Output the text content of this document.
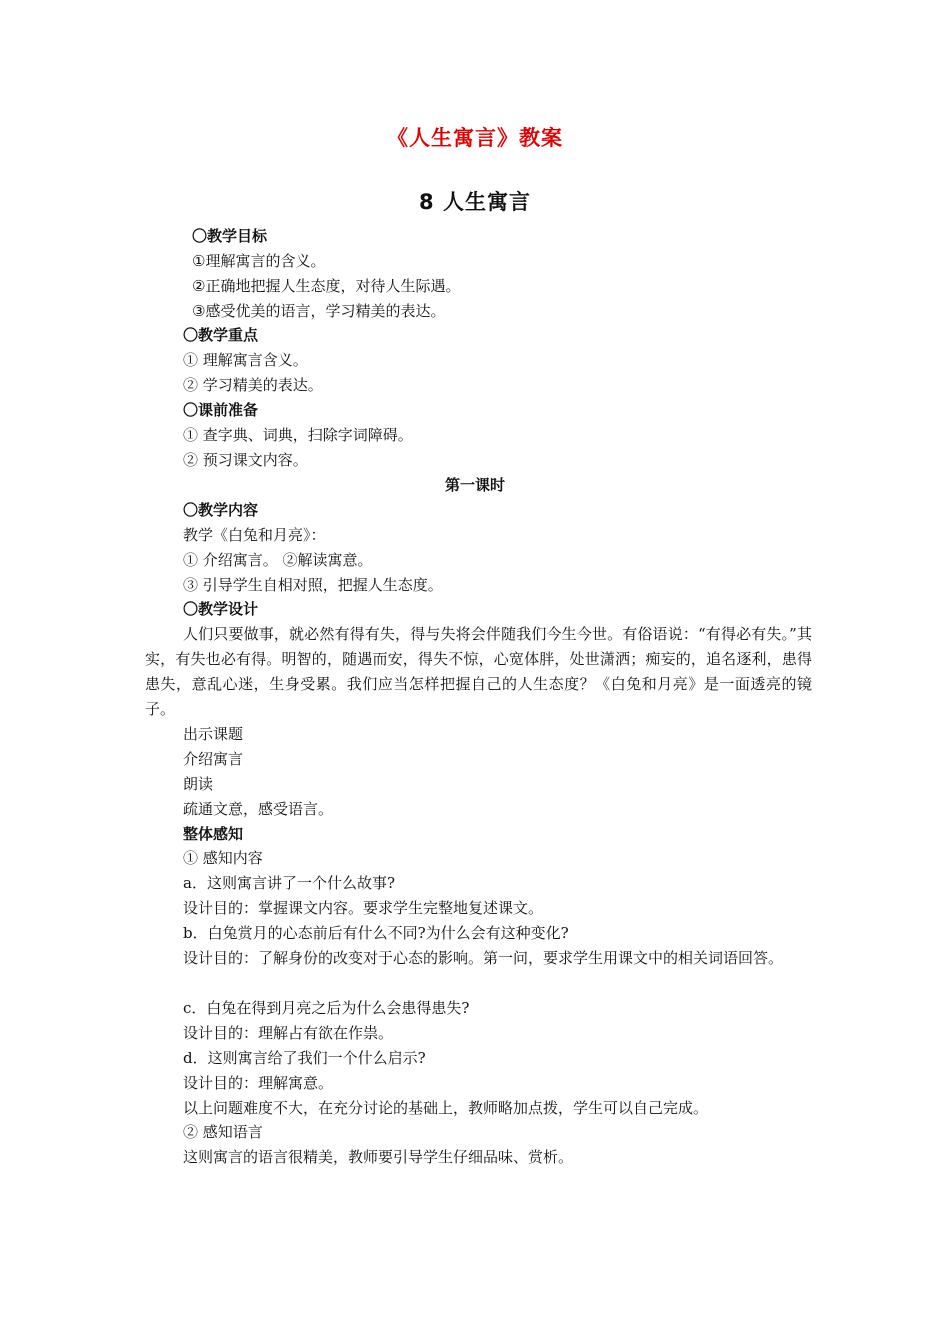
《人生寓言》教案
8 人生寓言
〇教学目标
①理解寓言的含义。
②正确地把握人生态度，对待人生际遇。
③感受优美的语言，学习精美的表达。
〇教学重点
① 理解寓言含义。
② 学习精美的表达。
〇课前准备
① 查字典、词典，扫除字词障碍。
② 预习课文内容。
第一课时
〇教学内容
教学《白兔和月亮》：
① 介绍寓言。 ②解读寓意。
③ 引导学生自相对照，把握人生态度。
〇教学设计
人们只要做事，就必然有得有失，得与失将会伴随我们今生今世。有俗语说：“有得必有失。”其实，有失也必有得。明智的，随遇而安，得失不惊，心宽体胖，处世潇洒；痴妄的，追名逐利，患得患失，意乱心迷，生身受累。我们应当怎样把握自己的人生态度？《白兔和月亮》是一面透亮的镜子。
出示课题
介绍寓言
朗读
疏通文意，感受语言。
整体感知
① 感知内容
a．这则寓言讲了一个什么故事?
设计目的：掌握课文内容。要求学生完整地复述课文。
b．白兔赏月的心态前后有什么不同?为什么会有这种变化?
设计目的：了解身份的改变对于心态的影响。第一问，要求学生用课文中的相关词语回答。
c．白兔在得到月亮之后为什么会患得患失?
设计目的：理解占有欲在作祟。
d．这则寓言给了我们一个什么启示?
设计目的：理解寓意。
以上问题难度不大，在充分讨论的基础上，教师略加点拨，学生可以自己完成。
② 感知语言
这则寓言的语言很精美，教师要引导学生仔细品味、赏析。
